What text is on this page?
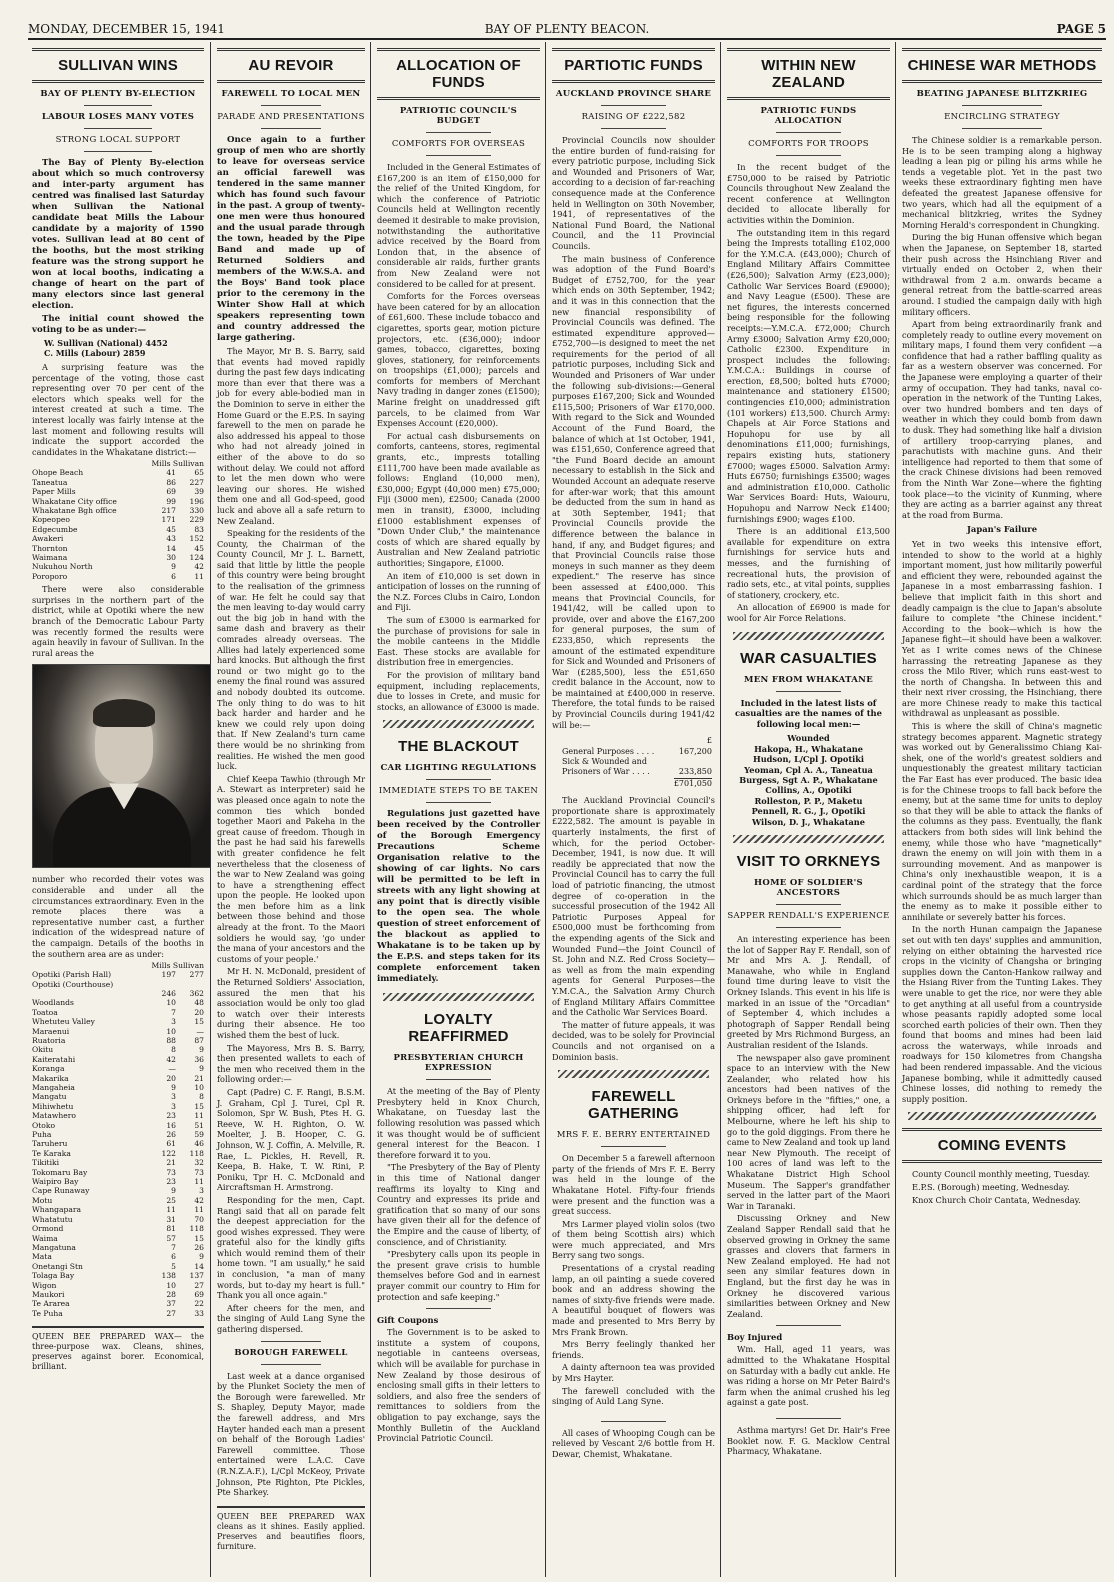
MONDAY, DECEMBER 15, 1941	BAY OF PLENTY BEACON.	PAGE 5
SULLIVAN WINS
BAY OF PLENTY BY-ELECTION
LABOUR LOSES MANY VOTES
STRONG LOCAL SUPPORT

The Bay of Plenty By-election about which so much controversy and inter-party argument has centred was finalised last Saturday when Sullivan the National candidate beat Mills the Labour candidate by a majority of 1590 votes. Sullivan lead at 80 cent of the booths, but the most striking feature was the strong support he won at local booths, indicating a change of heart on the part of many electors since last general election.

The initial count showed the voting to be as under:—

W. Sullivan (National) 4452
C. Mills (Labour) 2859

A surprising feature was the percentage of the voting, those cast representing over 70 per cent of the electors which speaks well for the interest created at such a time. The interest locally was fairly intense at the last moment and following results will indicate the support accorded the candidates in the Whakatane district:—

Mills Sullivan
Ohope Beach	41	65
Taneatua	86	227
Paper Mills	69	39
Whakatane City office	99	196
Whakatane Bgh office	217	330
Kopeopeo	171	229
Edgecumbe	45	83
Awakeri	43	152
Thornton	14	45
Waimana	30	124
Nukuhou North	9	42
Poroporo	6	11

There were also considerable surprises in the northern part of the district, while at Opotiki where the new branch of the Democratic Labour Party was recently formed the results were again heavily in favour of Sullivan. In the rural areas the

number who recorded their votes was considerable and under all the circumstances extraordinary. Even in the remote places there was a representative number cast, a further indication of the widespread nature of the campaign. Details of the booths in the southern area are as under:

Mills Sullivan
Opotiki (Parish Hall)	197	277
Opotiki (Courthouse)		
	246	362
Woodlands	10	48
Toatoa	7	20
Whetuteu Valley	3	15
Maraenui	10	—
Ruatoria	88	87
Okitu	8	9
Kaiteratahi	42	36
Koranga	—	9
Makarika	20	21
Mangaheia	9	10
Mangatu	3	8
Mihiwhetu	3	15
Matawhero	23	11
Otoko	16	51
Puha	26	59
Taruheru	61	46
Te Karaka	122	118
Tikitiki	21	32
Tokomaru Bay	73	73
Waipiro Bay	23	11
Cape Runaway	9	3
Motu	25	42
Whangapara	11	11
Whatatutu	31	70
Ormond	81	118
Waima	57	15
Mangatuna	7	26
Mata	6	9
Onetangi Stn	5	14
Tolaga Bay	138	137
Wigon	10	27
Maukori	28	69
Te Ararea	37	22
Te Puha	27	33
QUEEN BEE PREPARED WAX— the three-purpose wax. Cleans, shines, preserves against borer. Economical, brilliant.
AU REVOIR
FAREWELL TO LOCAL MEN
PARADE AND PRESENTATIONS

Once again to a further group of men who are shortly to leave for overseas service an official farewell was tendered in the same manner which has found such favour in the past. A group of twenty-one men were thus honoured and the usual parade through the town, headed by the Pipe Band and made up of Returned Soldiers and members of the W.W.S.A. and the Boys' Band took place prior to the ceremony in the Winter Show Hall at which speakers representing town and country addressed the large gathering.

The Mayor, Mr B. S. Barry, said that events had moved rapidly during the past few days indicating more than ever that there was a job for every able-bodied man in the Dominion to serve in either the Home Guard or the E.P.S. In saying farewell to the men on parade he also addressed his appeal to those who had not already joined in either of the above to do so without delay. We could not afford to let the men down who were leaving our shores. He wished them one and all God-speed, good luck and above all a safe return to New Zealand.

Speaking for the residents of the County, the Chairman of the County Council, Mr J. L. Barnett, said that little by little the people of this country were being brought to the realisation of the grimness of war. He felt he could say that the men leaving to-day would carry out the big job in hand with the same dash and bravery as their comrades already overseas. The Allies had lately experienced some hard knocks. But although the first round or two might go to the enemy the final round was assured and nobody doubted its outcome. The only thing to do was to hit back harder and harder and he knew we could rely upon doing that. If New Zealand's turn came there would be no shrinking from realities. He wished the men good luck.

Chief Keepa Tawhio (through Mr A. Stewart as interpreter) said he was pleased once again to note the common ties which bonded together Maori and Pakeha in the great cause of freedom. Though in the past he had said his farewells with greater confidence he felt nevertheless that the closeness of the war to New Zealand was going to have a strengthening effect upon the people. He looked upon the men before him as a link between those behind and those already at the front. To the Maori soldiers he would say, 'go under the mana of your ancestors and the customs of your people.'

Mr H. N. McDonald, president of the Returned Soldiers' Association, assured the men that his association would be only too glad to watch over their interests during their absence. He too wished them the best of luck.

The Mayoress, Mrs B. S. Barry, then presented wallets to each of the men who received them in the following order:—

Capt (Padre) C. F. Rangi, B.S.M. J. Graham, Cpl J. Turei, Cpl R. Solomon, Spr W. Bush, Ptes H. G. Reeve, W. H. Righton, O. W. Moelter, J. B. Hooper, C. G. Johnson, W. J. Coffin, A. Melville, R. Rae, L. Pickles, H. Revell, R. Keepa, B. Hake, T. W. Rini, P. Poniku, Tpr H. C. McDonald and Aircraftsman H. Armstrong.

Responding for the men, Capt. Rangi said that all on parade felt the deepest appreciation for the good wishes expressed. They were grateful also for the kindly gifts which would remind them of their home town. "I am usually," he said in conclusion, "a man of many words, but to-day my heart is full." Thank you all once again."

After cheers for the men, and the singing of Auld Lang Syne the gathering dispersed.

BOROUGH FAREWELL

Last week at a dance organised by the Plunket Society the men of the Borough were farewelled. Mr S. Shapley, Deputy Mayor, made the farewell address, and Mrs Hayter handed each man a present on behalf of the Borough Ladies' Farewell committee. Those entertained were L.A.C. Cave (R.N.Z.A.F.), L/Cpl McKeoy, Private Johnson, Pte Righton, Pte Pickles, Pte Sharkey.

QUEEN BEE PREPARED WAX cleans as it shines. Easily applied. Preserves and beautifies floors, furniture.
ALLOCATION OF FUNDS
PATRIOTIC COUNCIL'S BUDGET
COMFORTS FOR OVERSEAS

Included in the General Estimates of £167,200 is an item of £150,000 for the relief of the United Kingdom, for which the conference of Patriotic Councils held at Wellington recently deemed it desirable to make provision, notwithstanding the authoritative advice received by the Board from London that, in the absence of considerable air raids, further grants from New Zealand were not considered to be called for at present.

Comforts for the Forces overseas have been catered for by an allocation of £61,600. These include tobacco and cigarettes, sports gear, motion picture projectors, etc. (£36,000); indoor games, tobacco, cigarettes, boxing gloves, stationery, for reinforcements on troopships (£1,000); parcels and comforts for members of Merchant Navy trading in danger zones (£1500); Marine freight on unaddressed gift parcels, to be claimed from War Expenses Account (£20,000).

For actual cash disbursements on comforts, canteens, stores, regimental grants, etc., imprests totalling £111,700 have been made available as follows: England (10,000 men), £30,000; Egypt (40,000 men) £75,000; Fiji (3000 men), £2500; Canada (2000 men in transit), £3000, including £1000 establishment expenses of "Down Under Club," the maintenance costs of which are shared equally by Australian and New Zealand patriotic authorities; Singapore, £1000.

An item of £10,000 is set down in anticipation of losses on the running of the N.Z. Forces Clubs in Cairo, London and Fiji.

The sum of £3000 is earmarked for the purchase of provisions for sale in the mobile canteens in the Middle East. These stocks are available for distribution free in emergencies.

For the provision of military band equipment, including replacements, due to losses in Crete, and music for stocks, an allowance of £3000 is made.

THE BLACKOUT
CAR LIGHTING REGULATIONS
IMMEDIATE STEPS TO BE TAKEN

Regulations just gazetted have been received by the Controller of the Borough Emergency Precautions Scheme Organisation relative to the showing of car lights. No cars will be permitted to be left in streets with any light showing at any point that is directly visible to the open sea. The whole question of street enforcement of the blackout as applied to Whakatane is to be taken up by the E.P.S. and steps taken for its complete enforcement taken immediately.

LOYALTY REAFFIRMED
PRESBYTERIAN CHURCH EXPRESSION

At the meeting of the Bay of Plenty Presbytery held in Knox Church, Whakatane, on Tuesday last the following resolution was passed which it was thought would be of sufficient general interest for the Beacon. I therefore forward it to you.

"The Presbytery of the Bay of Plenty in this time of National danger reaffirms its loyalty to King and Country and expresses its pride and gratification that so many of our sons have given their all for the defence of the Empire and the cause of liberty, of conscience, and of Christianity.

"Presbytery calls upon its people in the present grave crisis to humble themselves before God and in earnest prayer commit our country to Him for protection and safe keeping."

Gift Coupons

The Government is to be asked to institute a system of coupons, negotiable in canteens overseas, which will be available for purchase in New Zealand by those desirous of enclosing small gifts in their letters to soldiers, and also free the senders of remittances to soldiers from the obligation to pay exchange, says the Monthly Bulletin of the Auckland Provincial Patriotic Council.

PARTIOTIC FUNDS
AUCKLAND PROVINCE SHARE
RAISING OF £222,582

Provincial Councils now shoulder the entire burden of fund-raising for every patriotic purpose, including Sick and Wounded and Prisoners of War, according to a decision of far-reaching consequence made at the Conference held in Wellington on 30th November, 1941, of representatives of the National Fund Board, the National Council, and the 11 Provincial Councils.

The main business of Conference was adoption of the Fund Board's Budget of £752,700, for the year which ends on 30th September, 1942; and it was in this connection that the new financial responsibility of Provincial Councils was defined. The estimated expenditure approved—£752,700—is designed to meet the net requirements for the period of all patriotic purposes, including Sick and Wounded and Prisoners of War under the following sub-divisions:—General purposes £167,200; Sick and Wounded £115,500; Prisoners of War £170,000. With regard to the Sick and Wounded Account of the Fund Board, the balance of which at 1st October, 1941, was £151,650, Conference agreed that "the Fund Board decide an amount necessary to establish in the Sick and Wounded Account an adequate reserve for after-war work; that this amount be deducted from the sum in hand as at 30th September, 1941; that Provincial Councils provide the difference between the balance in hand, if any, and Budget figures; and that Provincial Councils raise those moneys in such manner as they deem expedient." The reserve has since been assessed at £400,000. This means that Provincial Councils, for 1941/42, will be called upon to provide, over and above the £167,200 for general purposes, the sum of £233,850, which represents the amount of the estimated expenditure for Sick and Wounded and Prisoners of War (£285,500), less the £51,650 credit balance in the Account, now to be maintained at £400,000 in reserve. Therefore, the total funds to be raised by Provincial Councils during 1941/42 will be:—

£
General Purposes . . . .	167,200
Sick & Wounded and
Prisoners of War . . . .	233,850
£701,050

The Auckland Provincial Council's proportionate share is approximately £222,582. The amount is payable in quarterly instalments, the first of which, for the period October-December, 1941, is now due. It will readily be appreciated that now the Provincial Council has to carry the full load of patriotic financing, the utmost degree of co-operation in the successful prosecution of the 1942 All Patriotic Purposes Appeal for £500,000 must be forthcoming from the expending agents of the Sick and Wounded Fund—the Joint Council of St. John and N.Z. Red Cross Society—as well as from the main expending agents for General Purposes—the Y.M.C.A., the Salvation Army Church of England Military Affairs Committee and the Catholic War Services Board.

The matter of future appeals, it was decided, was to be solely for Provincial Councils and not organised on a Dominion basis.

FAREWELL GATHERING
MRS F. E. BERRY ENTERTAINED

On December 5 a farewell afternoon party of the friends of Mrs F. E. Berry was held in the lounge of the Whakatane Hotel. Fifty-four friends were present and the function was a great success.

Mrs Larmer played violin solos (two of them being Scottish airs) which were much appreciated, and Mrs Berry sang two songs.

Presentations of a crystal reading lamp, an oil painting a suede covered book and an address showing the names of sixty-five friends were made. A beautiful bouquet of flowers was made and presented to Mrs Berry by Mrs Frank Brown.

Mrs Berry feelingly thanked her friends.

A dainty afternoon tea was provided by Mrs Hayter.

The farewell concluded with the singing of Auld Lang Syne.

All cases of Whooping Cough can be relieved by Vescant 2/6 bottle from H. Dewar, Chemist, Whakatane.

WITHIN NEW ZEALAND
PATRIOTIC FUNDS ALLOCATION
COMFORTS FOR TROOPS

In the recent budget of the £750,000 to be raised by Patriotic Councils throughout New Zealand the recent conference at Wellington decided to allocate liberally for activities within the Dominion.

The outstanding item in this regard being the Imprests totalling £102,000 for the Y.M.C.A. (£43,000); Church of England Military Affairs Committee (£26,500); Salvation Army (£23,000); Catholic War Services Board (£9000); and Navy League (£500). These are net figures, the interests concerned being responsible for the following receipts:—Y.M.C.A. £72,000; Church Army £3000; Salvation Army £20,000; Catholic £2300. Expenditure in prospect includes the following: Y.M.C.A.: Buildings in course of erection, £8,500; bolted huts £7000; maintenance and stationery £1500; contingencies £10,000; administration (101 workers) £13,500. Church Army: Chapels at Air Force Stations and Hopuhopu for use by all denominations £11,000; furnishings, repairs existing huts, stationery £7000; wages £5000. Salvation Army: Huts £6750; furnishings £3500; wages and administration £10,000. Catholic War Services Board: Huts, Waiouru, Hopuhopu and Narrow Neck £1400; furnishings £900; wages £100.

There is an additional £13,500 available for expenditure on extra furnishings for service huts and messes, and the furnishing of recreational huts, the provision of radio sets, etc., at vital points, supplies of stationery, crockery, etc.

An allocation of £6900 is made for wool for Air Force Relations.

WAR CASUALTIES
MEN FROM WHAKATANE
Included in the latest lists of casualties are the names of the following local men:—
Wounded
Hakopa, H., Whakatane
Hudson, L/Cpl J. Opotiki
Yeoman, Cpl A. A., Taneatua
Burgess, Sgt A. P., Whakatane
Collins, A., Opotiki
Rolleston, P. P., Maketu
Pennell, R. G., J., Opotiki
Wilson, D. J., Whakatane
VISIT TO ORKNEYS
HOME OF SOLDIER'S ANCESTORS
SAPPER RENDALL'S EXPERIENCE

An interesting experience has been the lot of Sapper Ray F. Rendall, son of Mr and Mrs A. J. Rendall, of Manawahe, who while in England found time during leave to visit the Orkney Islands. This event in his life is marked in an issue of the "Orcadian" of September 4, which includes a photograph of Sapper Rendall being greeted by Mrs Richmond Burgess, an Australian resident of the Islands.

The newspaper also gave prominent space to an interview with the New Zealander, who related how his ancestors had been natives of the Orkneys before in the "fifties," one, a shipping officer, had left for Melbourne, where he left his ship to go to the gold diggings. From there he came to New Zealand and took up land near New Plymouth. The receipt of 100 acres of land was left to the Whakatane District High School Museum. The Sapper's grandfather served in the latter part of the Maori War in Taranaki.

Discussing Orkney and New Zealand Sapper Rendall said that he observed growing in Orkney the same grasses and clovers that farmers in New Zealand employed. He had not seen any similar features down in England, but the first day he was in Orkney he discovered various similarities between Orkney and New Zealand.

Boy Injured

Wm. Hall, aged 11 years, was admitted to the Whakatane Hospital on Saturday with a badly cut ankle. He was riding a horse on Mr Peter Baird's farm when the animal crushed his leg against a gate post.

Asthma martyrs! Get Dr. Hair's Free Booklet now. F. G. Macklow Central Pharmacy, Whakatane.

CHINESE WAR METHODS
BEATING JAPANESE BLITZKRIEG
ENCIRCLING STRATEGY

The Chinese soldier is a remarkable person. He is to be seen tramping along a highway leading a lean pig or piling his arms while he tends a vegetable plot. Yet in the past two weeks these extraordinary fighting men have defeated the greatest Japanese offensive for two years, which had all the equipment of a mechanical blitzkrieg, writes the Sydney Morning Herald's correspondent in Chungking.

During the big Hunan offensive which began when the Japanese, on September 18, started their push across the Hsinchiang River and virtually ended on October 2, when their withdrawal from 2 a.m. onwards became a general retreat from the battle-scarred areas around. I studied the campaign daily with high military officers.

Apart from being extraordinarily frank and completely ready to outline every movement on military maps, I found them very confident —a confidence that had a rather baffling quality as far as a western observer was concerned. For the Japanese were employing a quarter of their army of occupation. They had tanks, naval co-operation in the network of the Tunting Lakes, over two hundred bombers and ten days of weather in which they could bomb from dawn to dusk. They had something like half a division of artillery troop-carrying planes, and parachutists with machine guns. And their intelligence had reported to them that some of the crack Chinese divisions had been removed from the Ninth War Zone—where the fighting took place—to the vicinity of Kunming, where they are acting as a barrier against any threat at the road from Burma.

Japan's Failure

Yet in two weeks this intensive effort, intended to show to the world at a highly important moment, just how militarily powerful and efficient they were, rebounded against the Japanese in a most embarrassing fashion. I believe that implicit faith in this short and deadly campaign is the clue to Japan's absolute failure to complete "the Chinese incident." According to the book—which is how the Japanese fight—it should have been a walkover. Yet as I write comes news of the Chinese harrassing the retreating Japanese as they cross the Milo River, which runs east-west to the north of Changsha. In between this and their next river crossing, the Hsinchiang, there are more Chinese ready to make this tactical withdrawal as unpleasant as possible.

This is where the skill of China's magnetic strategy becomes apparent. Magnetic strategy was worked out by Generalissimo Chiang Kai-shek, one of the world's greatest soldiers and unquestionably the greatest military tactician the Far East has ever produced. The basic idea is for the Chinese troops to fall back before the enemy, but at the same time for units to deploy so that they will be able to attack the flanks of the columns as they pass. Eventually, the flank attackers from both sides will link behind the enemy, while those who have "magnetically" drawn the enemy on will join with them in a surrounding movement. And as manpower is China's only inexhaustible weapon, it is a cardinal point of the strategy that the force which surrounds should be as much larger than the enemy as to make it possible either to annihilate or severely batter his forces.

In the north Hunan campaign the Japanese set out with ten days' supplies and ammunition, relying on either obtaining the harvested rice crops in the vicinity of Changsha or bringing supplies down the Canton-Hankow railway and the Hsiang River from the Tunting Lakes. They were unable to get the rice, nor were they able to get anything at all useful from a countryside whose peasants rapidly adopted some local scorched earth policies of their own. Then they found that booms and mines had been laid across the waterways, while inroads and roadways for 150 kilometres from Changsha had been rendered impassable. And the vicious Japanese bombing, while it admittedly caused Chinese losses, did nothing to remedy the supply position.

COMING EVENTS

County Council monthly meeting, Tuesday.

E.P.S. (Borough) meeting, Wednesday.

Knox Church Choir Cantata, Wednesday.
